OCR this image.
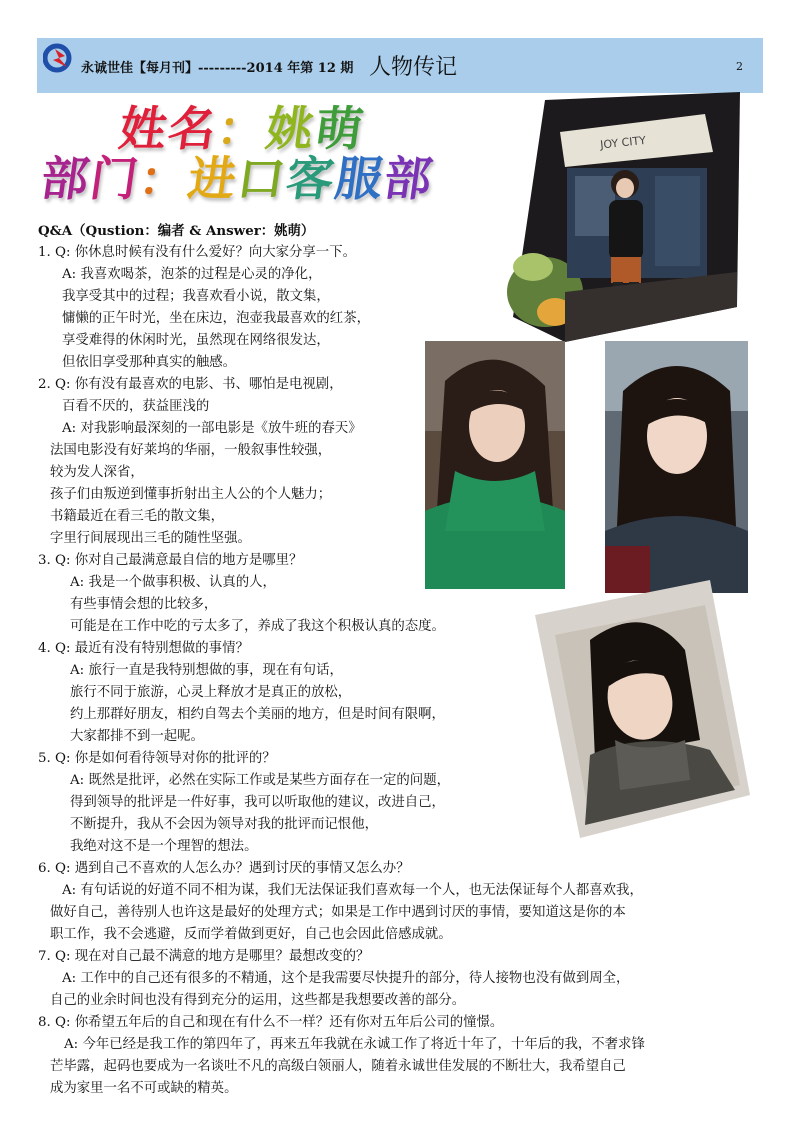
永诚世佳【每月刊】---------2014 年第 12 期 人物传记	2
姓名：姚萌
部门：进口客服部
JOY CITY
Q&A（Qustion：编者 & Answer：姚萌）
1. Q: 你休息时候有没有什么爱好？向大家分享一下。
A: 我喜欢喝茶，泡茶的过程是心灵的净化，
我享受其中的过程；我喜欢看小说，散文集，
慵懒的正午时光，坐在床边，泡壶我最喜欢的红茶，
享受难得的休闲时光，虽然现在网络很发达，
但依旧享受那种真实的触感。
2. Q: 你有没有最喜欢的电影、书、哪怕是电视剧，
百看不厌的，获益匪浅的
A: 对我影响最深刻的一部电影是《放牛班的春天》
法国电影没有好莱坞的华丽，一般叙事性较强，
较为发人深省，
孩子们由叛逆到懂事折射出主人公的个人魅力；
书籍最近在看三毛的散文集，
字里行间展现出三毛的随性坚强。
3. Q: 你对自己最满意最自信的地方是哪里？
A: 我是一个做事积极、认真的人，
有些事情会想的比较多，
可能是在工作中吃的亏太多了，养成了我这个积极认真的态度。
4. Q: 最近有没有特别想做的事情？
A: 旅行一直是我特别想做的事，现在有句话，
旅行不同于旅游，心灵上释放才是真正的放松，
约上那群好朋友，相约自驾去个美丽的地方，但是时间有限啊，
大家都排不到一起呢。
5. Q: 你是如何看待领导对你的批评的？
A: 既然是批评，必然在实际工作或是某些方面存在一定的问题，
得到领导的批评是一件好事，我可以听取他的建议，改进自己，
不断提升，我从不会因为领导对我的批评而记恨他，
我绝对这不是一个理智的想法。
6. Q: 遇到自己不喜欢的人怎么办？遇到讨厌的事情又怎么办？
A: 有句话说的好道不同不相为谋，我们无法保证我们喜欢每一个人，也无法保证每个人都喜欢我，
做好自己，善待别人也许这是最好的处理方式；如果是工作中遇到讨厌的事情，要知道这是你的本
职工作，我不会逃避，反而学着做到更好，自己也会因此倍感成就。
7. Q: 现在对自己最不满意的地方是哪里？最想改变的？
A: 工作中的自己还有很多的不精通，这个是我需要尽快提升的部分，待人接物也没有做到周全，
自己的业余时间也没有得到充分的运用，这些都是我想要改善的部分。
8. Q: 你希望五年后的自己和现在有什么不一样？还有你对五年后公司的憧憬。
A: 今年已经是我工作的第四年了，再来五年我就在永诚工作了将近十年了，十年后的我，不奢求锋
芒毕露，起码也要成为一名谈吐不凡的高级白领丽人，随着永诚世佳发展的不断壮大，我希望自己
成为家里一名不可或缺的精英。
